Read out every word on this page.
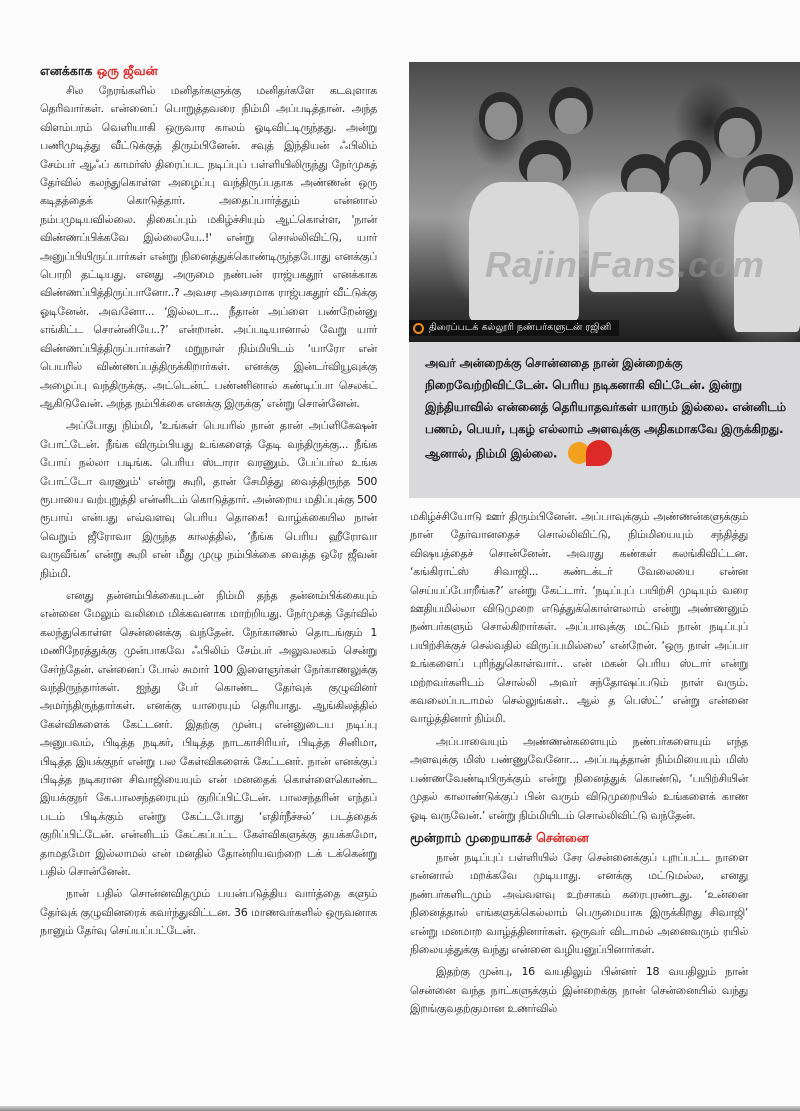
எனக்காக ஒரு ஜீவன்

சில நேரங்களில் மனிதர்களுக்கு மனிதர்களே கடவுளாக தெரிவார்கள். என்னைப் பொறுத்தவரை நிம்மி அப்படித்தான். அந்த விளம்பரம் வெளியாகி ஒருவார காலம் ஓடிவிட்டிருந்தது. அன்று பணிமுடித்து வீட்டுக்குத் திரும்பினேன். சவுத் இந்தியன் ஃபிலிம் சேம்பர் ஆஃப் காமர்ஸ் திரைப்பட நடிப்புப் பள்ளியிலிருந்து நேர்முகத் தேர்வில் கலந்துகொள்ள அழைப்பு வந்திருப்பதாக அண்ணன் ஒரு கடிதத்தைக் கொடுத்தார். அதைப்பார்த்தும் என்னால் நம்பமுடியவில்லை. திகைப்பும் மகிழ்ச்சியும் ஆட்கொள்ள, 'நான் விண்ணப்பிக்கவே இல்லையே..!' என்று சொல்லிவிட்டு, யார் அனுப்பியிருப்பார்கள் என்று நினைத்துக்கொண்டிருந்தபோது எனக்குப் பொறி தட்டியது. எனது அருமை நண்பன் ராஜ்பகதூர் எனக்காக விண்ணப்பித்திருப்பானோ..? அவசர அவசரமாக ராஜ்பகதூர் வீட்டுக்கு ஓடினேன். அவனோ... ‘இல்லடா... நீதான் அப்ளை பண்றேன்னு எங்கிட்ட சொன்னியே..?’ என்றான். அப்படியானால் வேறு யார் விண்ணப்பித்திருப்பார்கள்? மறுநாள் நிம்மியிடம் ‘யாரோ என் பெயரில் விண்ணப்பத்திருக்கிறார்கள். எனக்கு இன்டர்வியூவுக்கு அழைப்பு வந்திருக்கு. அட்டென்ட் பண்ணினால் கண்டிப்பா செலக்ட் ஆகிடுவேன். அந்த நம்பிக்கை எனக்கு இருக்கு’ என்று சொன்னேன்.

அப்போது நிம்மி, 'உங்கள் பெயரில் நான் தான் அப்ளிகேஷன் போட்டேன். நீங்க விரும்பியது உங்களைத் தேடி வந்திருக்கு... நீங்க போய் நல்லா படிங்க. பெரிய ஸ்டாரா வரணும். பேப்பர்ல உங்க போட்டோ வரணும்' என்று கூறி, தான் சேமித்து வைத்திருந்த 500 ரூபாயை வற்புறுத்தி என்னிடம் கொடுத்தார். அன்றைய மதிப்புக்கு 500 ரூபாய் என்பது எவ்வளவு பெரிய தொகை! வாழ்க்கையில நான் வெறும் ஜீரோவா இருந்த காலத்தில், ‘நீங்க பெரிய ஹீரோவா வருவீங்க’ என்று கூறி என் மீது முழு நம்பிக்கை வைத்த ஒரே ஜீவன் நிம்மி.

எனது தன்னம்பிக்கையுடன் நிம்மி தந்த தன்னம்பிக்கையும் என்னை மேலும் வலிமை மிக்கவனாக மாற்றியது. நேர்முகத் தேர்வில் கலந்துகொள்ள சென்னைக்கு வந்தேன். நேர்காணல் தொடங்கும் 1 மணிநேரத்துக்கு முன்பாகவே ஃபிலிம் சேம்பர் அலுவலகம் சென்று சேர்ந்தேன். என்னைப் போல் சுமார் 100 இளைஞர்கள் நேர்காணலுக்கு வந்திருந்தார்கள். ஐந்து பேர் கொண்ட தேர்வுக் குழுவினர் அமர்ந்திருந்தார்கள். எனக்கு யாரையும் தெரியாது. ஆங்கிலத்தில் கேள்விகளைக் கேட்டனர். இதற்கு முன்பு என்னுடைய நடிப்பு அனுபவம், பிடித்த நடிகர், பிடித்த நாடகாசிரியர், பிடித்த சினிமா, பிடித்த இயக்குநர் என்று பல கேள்விகளைக் கேட்டனர். நான் எனக்குப் பிடித்த நடிகரான சிவாஜியையும் என் மனதைக் கொள்ளைகொண்ட இயக்குநர் கே.பாலசந்தரையும் குறிப்பிட்டேன். பாலசந்தரின் எந்தப் படம் பிடிக்கும் என்று கேட்டபோது ‘எதிர்நீச்சல்’ படத்தைக் குறிப்பிட்டேன். என்னிடம் கேட்கப்பட்ட கேள்விகளுக்கு தயக்கமோ, தாமதமோ இல்லாமல் என் மனதில் தோன்றியவற்றை டக் டக்கென்று பதில் சொன்னேன்.

நான் பதில் சொன்னவிதமும் பயன்படுத்திய வார்த்தை களும் தேர்வுக் குழுவினரைக் கவர்ந்துவிட்டன. 36 மாணவர்களில் ஒருவனாக நானும் தேர்வு செய்யப்பட்டேன்.

RajiniFans.com
திரைப்படக் கல்லூரி நண்பர்களுடன் ரஜினி
அவர் அன்றைக்கு சொன்னதை நான் இன்றைக்கு நிறைவேற்றிவிட்டேன். பெரிய நடிகனாகி விட்டேன். இன்று இந்தியாவில் என்னைத் தெரியாதவர்கள் யாரும் இல்லை. என்னிடம் பணம், பெயர், புகழ் எல்லாம் அளவுக்கு அதிகமாகவே இருக்கிறது. ஆனால், நிம்மி இல்லை.

மகிழ்ச்சியோடு ஊர் திரும்பினேன். அப்பாவுக்கும் அண்ணன்களுக்கும் நான் தேர்வானதைச் சொல்லிவிட்டு, நிம்மியையும் சந்தித்து விஷயத்தைச் சொன்னேன். அவரது கண்கள் கலங்கிவிட்டன. ‘கங்கிராட்ஸ் சிவாஜி... கண்டக்டர் வேலையை என்ன செய்யப்போறீங்க?’ என்று கேட்டார். ‘நடிப்புப் பயிற்சி முடியும் வரை ஊதியமில்லா விடுமுறை எடுத்துக்கொள்ளலாம் என்று அண்ணனும் நண்பர்களும் சொல்கிறார்கள். அப்பாவுக்கு மட்டும் நான் நடிப்புப் பயிற்சிக்குச் செல்வதில் விருப்பமில்லை’ என்றேன். ‘ஒரு நாள் அப்பா உங்களைப் புரிந்துகொள்வார்.. என் மகன் பெரிய ஸ்டார் என்று மற்றவர்களிடம் சொல்லி அவர் சந்தோஷப்படும் நாள் வரும். கவலைப்படாமல் செல்லுங்கள்.. ஆல் த பெஸ்ட்’ என்று என்னை வாழ்த்தினார் நிம்மி.

அப்பாவையும் அண்ணன்களையும் நண்பர்களையும் எந்த அளவுக்கு மிஸ் பண்ணுவேனோ... அப்படித்தான் நிம்மியையும் மிஸ் பண்ணவேண்டியிருக்கும் என்று நினைத்துக் கொண்டு, ‘பயிற்சியின் முதல் காலாண்டுக்குப் பின் வரும் விடுமுறையில் உங்களைக் காண ஓடி வருவேன்.’ என்று நிம்மியிடம் சொல்லிவிட்டு வந்தேன்.

மூன்றாம் முறையாகச் சென்னை

நான் நடிப்புப் பள்ளியில் சேர சென்னைக்குப் புறப்பட்ட நாளை என்னால் மறக்கவே முடியாது. எனக்கு மட்டுமல்ல, எனது நண்பர்களிடமும் அவ்வளவு உற்சாகம் கரைபுரண்டது. ‘உன்னை நினைத்தால் எங்களுக்கெல்லாம் பெருமையாக இருக்கிறது சிவாஜி’ என்று மனமாற வாழ்த்தினார்கள். ஒருவர் விடாமல் அனைவரும் ரயில் நிலையத்துக்கு வந்து என்னை வழியனுப்பினார்கள்.

இதற்கு முன்பு, 16 வயதிலும் பின்னர் 18 வயதிலும் நான் சென்னை வந்த நாட்களுக்கும் இன்றைக்கு நான் சென்னையில் வந்து இறங்குவதற்குமான உணர்வில்
